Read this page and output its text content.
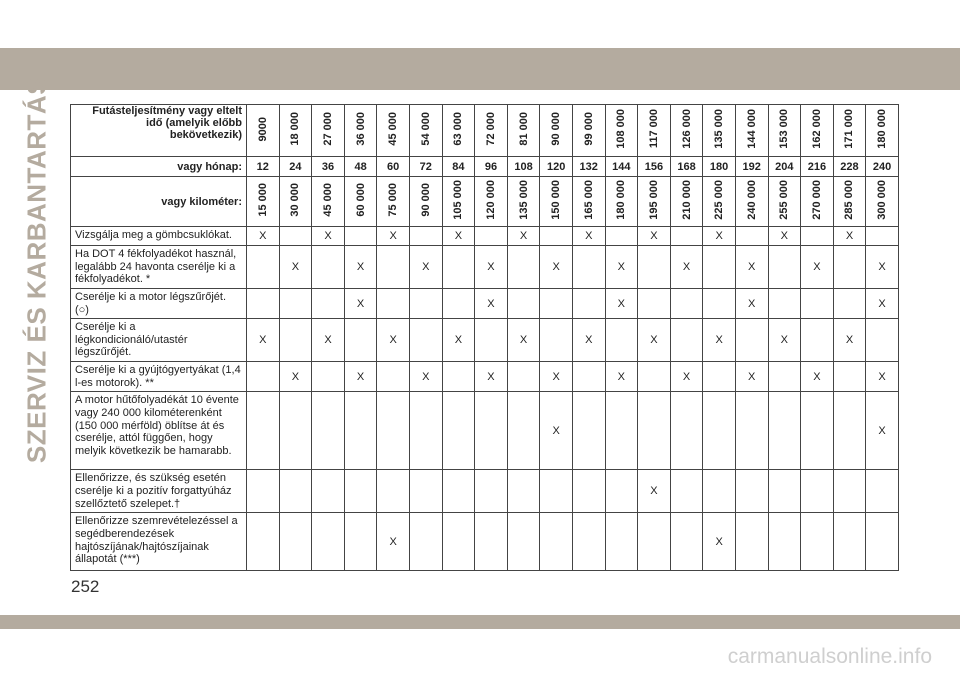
SZERVIZ ÉS KARBANTARTÁS	Futásteljesítmény vagy eltelt idő (amelyik előbb bekövetkezik)	9000	18 000	27 000	36 000	45 000	54 000	63 000	72 000	81 000	90 000	99 000	108 000	117 000	126 000	135 000	144 000	153 000	162 000	171 000	180 000
vagy hónap:	12	24	36	48	60	72	84	96	108	120	132	144	156	168	180	192	204	216	228	240
vagy kilométer:	15 000	30 000	45 000	60 000	75 000	90 000	105 000	120 000	135 000	150 000	165 000	180 000	195 000	210 000	225 000	240 000	255 000	270 000	285 000	300 000
Vizsgálja meg a gömbcsuklókat.	X		X		X		X		X		X		X		X		X		X	
Ha DOT 4 fékfolyadékot használ, legalább 24 havonta cserélje ki a fékfolyadékot. *		X		X		X		X		X		X		X		X		X		X
Cserélje ki a motor légszűrőjét. (○)				X				X				X				X				X
Cserélje ki a légkondicionáló/utastér légszűrőjét.	X		X		X		X		X		X		X		X		X		X	
Cserélje ki a gyújtógyertyákat (1,4 l-es motorok). **		X		X		X		X		X		X		X		X		X		X
A motor hűtőfolyadékát 10 évente vagy 240 000 kilométerenként (150 000 mérföld) öblítse át és cserélje, attól függően, hogy melyik következik be hamarabb.										X										X
Ellenőrizze, és szükség esetén cserélje ki a pozitív forgattyúház szellőztető szelepet.†													X							
Ellenőrizze szemrevételezéssel a segédberendezések hajtószíjának/hajtószíjainak állapotát (***)					X										X					
252
carmanualsonline.info
